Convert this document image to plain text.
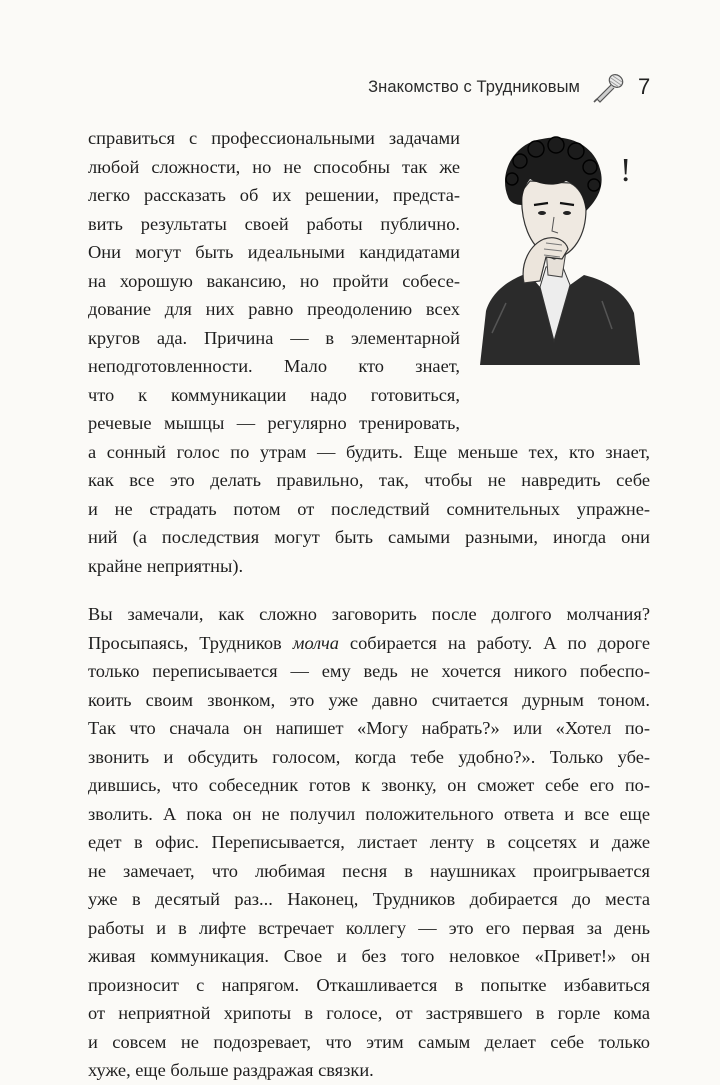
Знакомство с Трудниковым	7
!
справиться с профессиональными задачами
любой сложности, но не способны так же
легко рассказать об их решении, предста-
вить результаты своей работы публично.
Они могут быть идеальными кандидатами
на хорошую вакансию, но пройти собесе-
дование для них равно преодолению всех
кругов ада. Причина — в элементарной
неподготовленности. Мало кто знает,
что к коммуникации надо готовиться,
речевые мышцы — регулярно тренировать,
а сонный голос по утрам — будить. Еще меньше тех, кто знает,
как все это делать правильно, так, чтобы не навредить себе
и не страдать потом от последствий сомнительных упражне-
ний (а последствия могут быть самыми разными, иногда они
крайне неприятны).
Вы замечали, как сложно заговорить после долгого молчания?
Просыпаясь, Трудников молча собирается на работу. А по дороге
только переписывается — ему ведь не хочется никого побеспо-
коить своим звонком, это уже давно считается дурным тоном.
Так что сначала он напишет «Могу набрать?» или «Хотел по-
звонить и обсудить голосом, когда тебе удобно?». Только убе-
дившись, что собеседник готов к звонку, он сможет себе его по-
зволить. А пока он не получил положительного ответа и все еще
едет в офис. Переписывается, листает ленту в соцсетях и даже
не замечает, что любимая песня в наушниках проигрывается
уже в десятый раз... Наконец, Трудников добирается до места
работы и в лифте встречает коллегу — это его первая за день
живая коммуникация. Свое и без того неловкое «Привет!» он
произносит с напрягом. Откашливается в попытке избавиться
от неприятной хрипоты в голосе, от застрявшего в горле кома
и совсем не подозревает, что этим самым делает себе только
хуже, еще больше раздражая связки.
